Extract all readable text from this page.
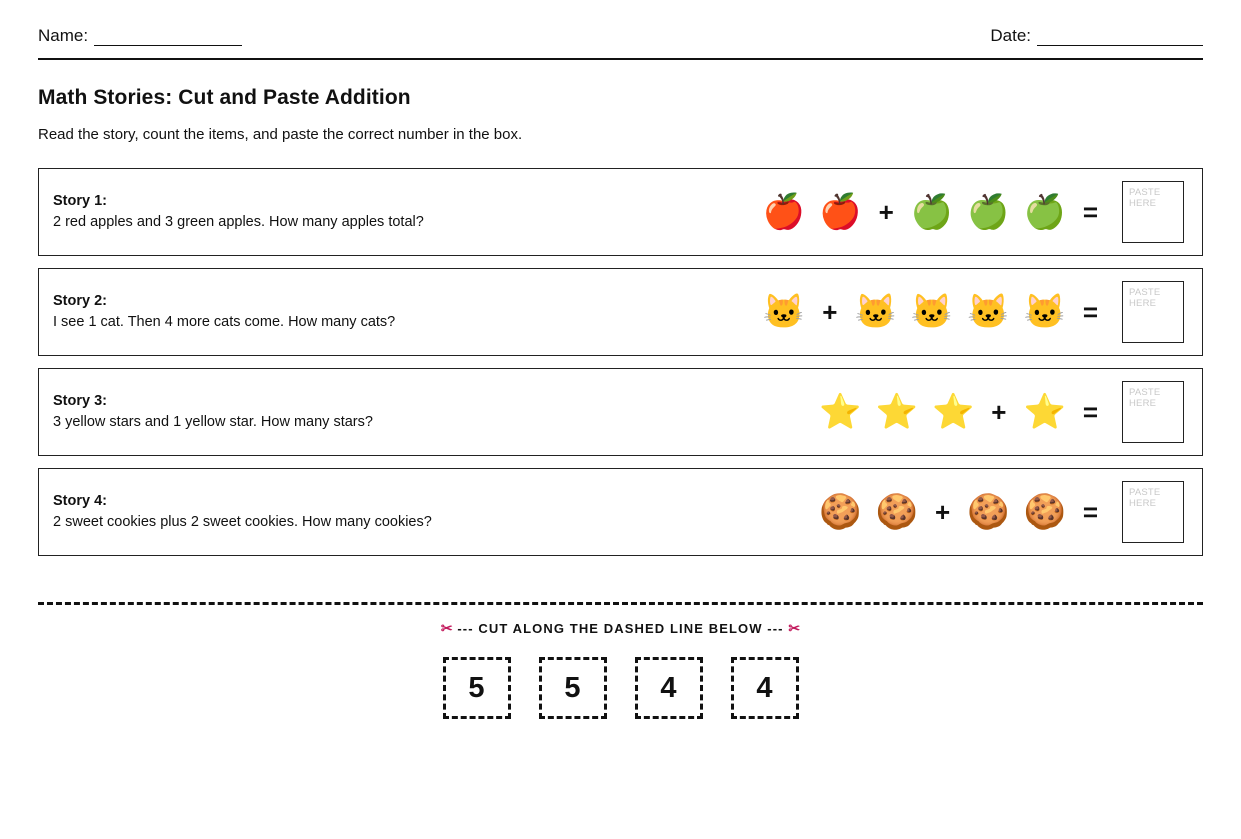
Name:	Date:
Math Stories: Cut and Paste Addition
Read the story, count the items, and paste the correct number in the box.
Story 1:
2 red apples and 3 green apples. How many apples total?	🍎 🍎 + 🍏 🍏 🍏 =
PASTE
HERE
Story 2:
I see 1 cat. Then 4 more cats come. How many cats?	🐱 + 🐱 🐱 🐱 🐱 =
PASTE
HERE
Story 3:
3 yellow stars and 1 yellow star. How many stars?	⭐ ⭐ ⭐ + ⭐ =
PASTE
HERE
Story 4:
2 sweet cookies plus 2 sweet cookies. How many cookies?	🍪 🍪 + 🍪 🍪 =
PASTE
HERE
✂ --- CUT ALONG THE DASHED LINE BELOW --- ✂
5	5	4	4
